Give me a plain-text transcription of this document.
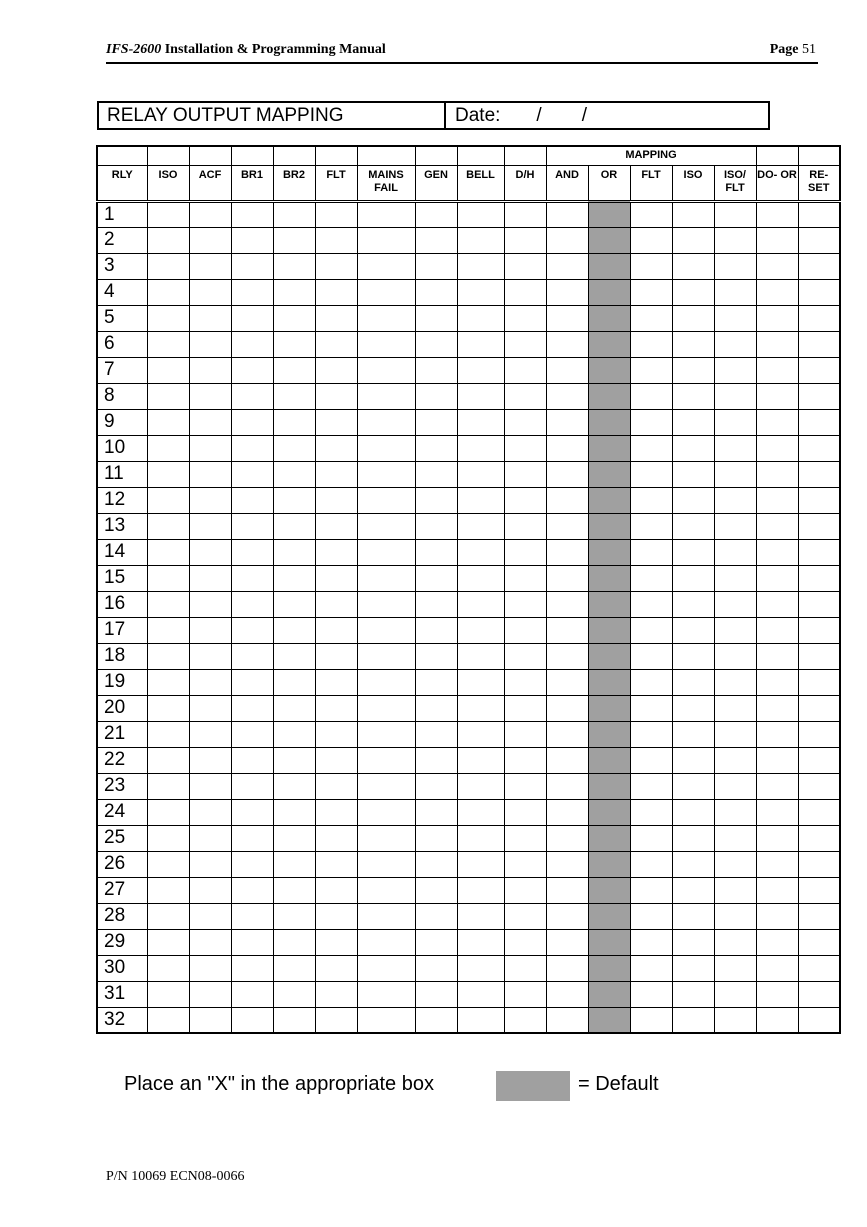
IFS-2600 Installation & Programming Manual	Page 51
RELAY OUTPUT MAPPING	Date: / /
										MAPPING						
RLY	ISO	ACF	BR1	BR2	FLT	MAINS FAIL	GEN	BELL	D/H	AND	OR	FLT	ISO	ISO/ FLT	DO- OR	RE- SET
1																
2																
3																
4																
5																
6																
7																
8																
9																
10																
11																
12																
13																
14																
15																
16																
17																
18																
19																
20																
21																
22																
23																
24																
25																
26																
27																
28																
29																
30																
31																
32																
Place an "X" in the appropriate box	= Default
P/N 10069 ECN08-0066
